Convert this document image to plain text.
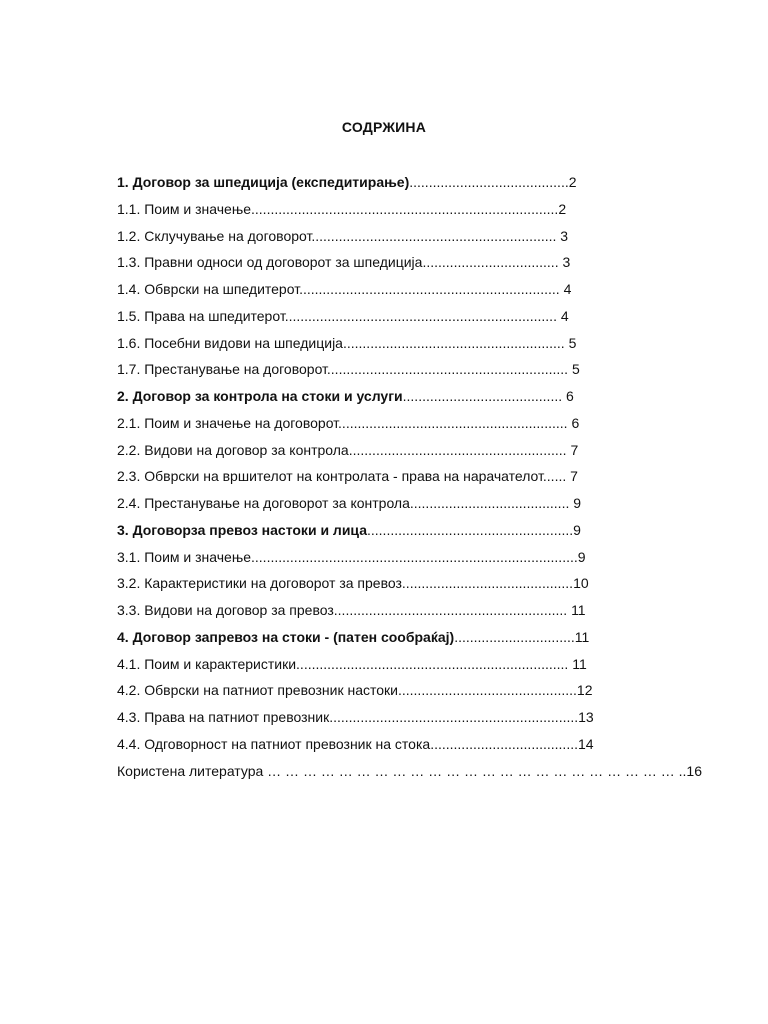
СОДРЖИНА
1. Договор за шпедиција (експедитирање).........................................2
1.1. Поим и значење...............................................................................2
1.2. Склучување на договорот............................................................... 3
1.3. Правни односи од договорот за шпедиција................................... 3
1.4. Обврски на шпедитерот................................................................... 4
1.5. Права на шпедитерот...................................................................... 4
1.6. Посебни видови на шпедиција......................................................... 5
1.7. Престанување на договорот.............................................................. 5
2. Договор за контрола на стоки и услуги......................................... 6
2.1. Поим и значење на договорот........................................................... 6
2.2. Видови на договор за контрола........................................................ 7
2.3. Обврски на вршителот на контролата - права на нарачателот...... 7
2.4. Престанување на договорот за контрола......................................... 9
3. Договорза превоз настоки и лица.....................................................9
3.1. Поим и значење....................................................................................9
3.2. Карактеристики на договорот за превоз............................................10
3.3. Видови на договор за превоз............................................................ 11
4. Договор запревоз на стоки - (патен сообраќај)...............................11
4.1. Поим и карактеристики...................................................................... 11
4.2. Обврски на патниот превозник настоки..............................................12
4.3. Права на патниот превозник................................................................13
4.4. Одговорност на патниот превозник на стока......................................14
Користена литература … … … … … … … … … … … … … … … … … … … … … … … ..16
